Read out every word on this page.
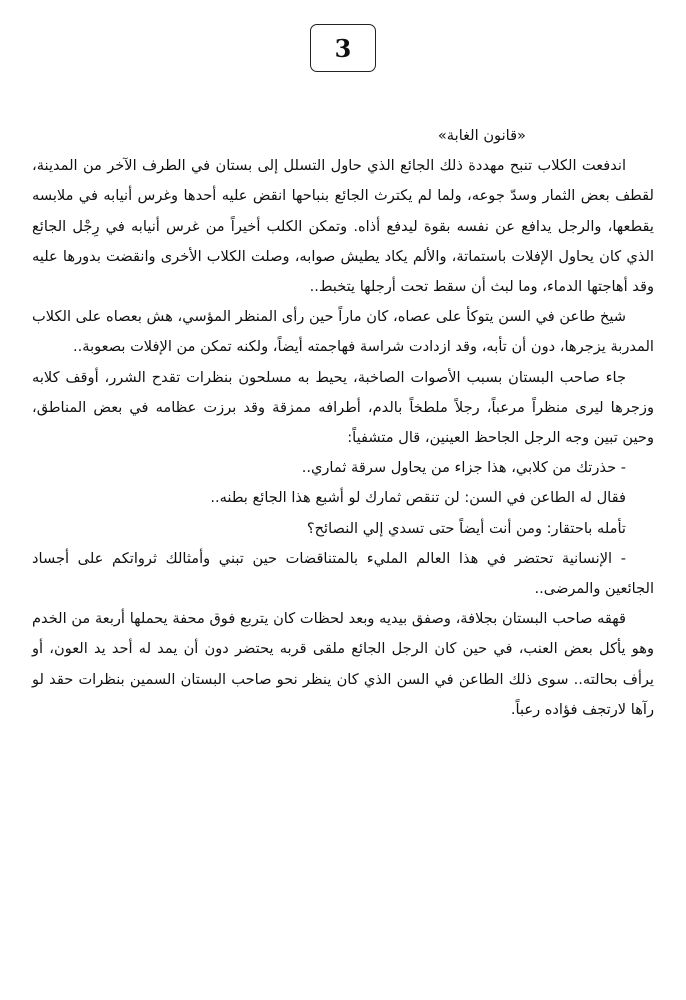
3
«قانون الغابة»

اندفعت الكلاب تنبح مهددة ذلك الجائع الذي حاول التسلل إلى بستان في الطرف الآخر من المدينة، لقطف بعض الثمار وسدّ جوعه، ولما لم يكترث الجائع بنباحها انقض عليه أحدها وغرس أنيابه في ملابسه يقطعها، والرجل يدافع عن نفسه بقوة ليدفع أذاه. وتمكن الكلب أخيراً من غرس أنيابه في رِجْل الجائع الذي كان يحاول الإفلات باستماتة، والألم يكاد يطيش صوابه، وصلت الكلاب الأخرى وانقضت بدورها عليه وقد أهاجتها الدماء، وما لبث أن سقط تحت أرجلها يتخبط..

شيخ طاعن في السن يتوكأ على عصاه، كان ماراً حين رأى المنظر المؤسي، هش بعصاه على الكلاب المدربة يزجرها، دون أن تأبه، وقد ازدادت شراسة فهاجمته أيضاً، ولكنه تمكن من الإفلات بصعوبة..

جاء صاحب البستان بسبب الأصوات الصاخبة، يحيط به مسلحون بنظرات تقدح الشرر، أوقف كلابه وزجرها ليرى منظراً مرعباً، رجلاً ملطخاً بالدم، أطرافه ممزقة وقد برزت عظامه في بعض المناطق، وحين تبين وجه الرجل الجاحظ العينين، قال متشفياً:

- حذرتك من كلابي، هذا جزاء من يحاول سرقة ثماري..

فقال له الطاعن في السن: لن تنقص ثمارك لو أشبع هذا الجائع بطنه..

تأمله باحتقار: ومن أنت أيضاً حتى تسدي إلي النصائح؟

- الإنسانية تحتضر في هذا العالم المليء بالمتناقضات حين تبني وأمثالك ثرواتكم على أجساد الجائعين والمرضى..

قهقه صاحب البستان بجلافة، وصفق بيديه وبعد لحظات كان يتربع فوق محفة يحملها أربعة من الخدم وهو يأكل بعض العنب، في حين كان الرجل الجائع ملقى قربه يحتضر دون أن يمد له أحد يد العون، أو يرأف بحالته.. سوى ذلك الطاعن في السن الذي كان ينظر نحو صاحب البستان السمين بنظرات حقد لو رآها لارتجف فؤاده رعباً.
